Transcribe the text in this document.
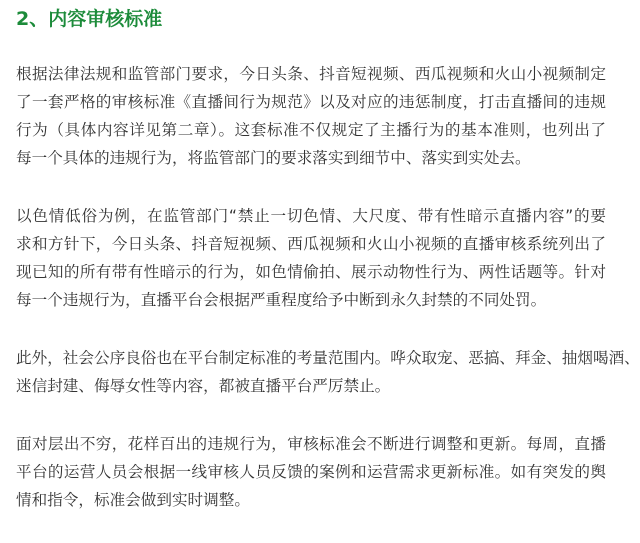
2、内容审核标准
根据法律法规和监管部门要求，今日头条、抖音短视频、西瓜视频和火山小视频制定
了一套严格的审核标准《直播间行为规范》以及对应的违惩制度，打击直播间的违规
行为（具体内容详见第二章）。这套标准不仅规定了主播行为的基本准则，也列出了
每一个具体的违规行为，将监管部门的要求落实到细节中、落实到实处去。
以色情低俗为例，在监管部门“禁止一切色情、大尺度、带有性暗示直播内容”的要
求和方针下，今日头条、抖音短视频、西瓜视频和火山小视频的直播审核系统列出了
现已知的所有带有性暗示的行为，如色情偷拍、展示动物性行为、两性话题等。针对
每一个违规行为，直播平台会根据严重程度给予中断到永久封禁的不同处罚。
此外，社会公序良俗也在平台制定标准的考量范围内。哗众取宠、恶搞、拜金、抽烟喝酒、
迷信封建、侮辱女性等内容，都被直播平台严厉禁止。
面对层出不穷，花样百出的违规行为，审核标准会不断进行调整和更新。每周，直播
平台的运营人员会根据一线审核人员反馈的案例和运营需求更新标准。如有突发的舆
情和指令，标准会做到实时调整。
